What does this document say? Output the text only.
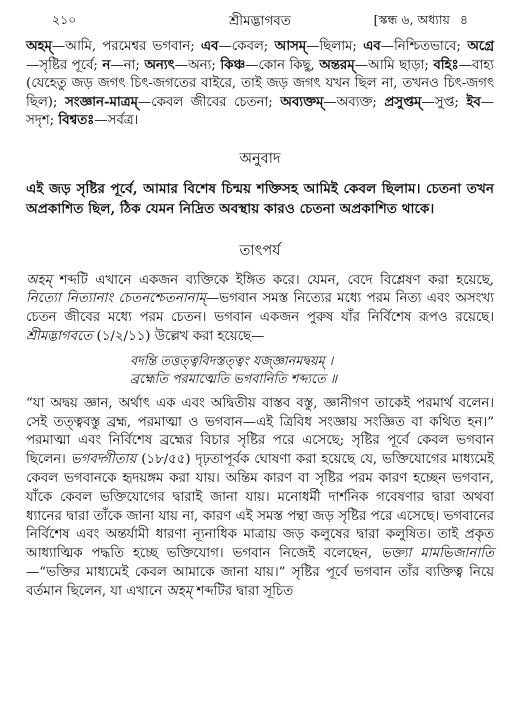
২১০	শ্রীমদ্ভাগবত	[স্কন্ধ ৬, অধ্যায় ৪
অহম্—আমি, পরমেশ্বর ভগবান; এব—কেবল; আসম্—ছিলাম; এব—নিশ্চিতভাবে; অগ্রে—সৃষ্টির পূর্বে; ন—না; অন্যৎ—অন্য; কিঞ্চ—কোন কিছু, অন্তরম্—আমি ছাড়া; বহিঃ—বাহ্য (যেহেতু জড় জগৎ চিৎ-জগতের বাইরে, তাই জড় জগৎ যখন ছিল না, তখনও চিৎ-জগৎ ছিল); সংজ্ঞান-মাত্রম্—কেবল জীবের চেতনা; অব্যক্তম্—অব্যক্ত; প্রসুপ্তম্—সুপ্ত; ইব—সদৃশ; বিশ্বতঃ—সর্বত্র।
অনুবাদ
এই জড় সৃষ্টির পূর্বে, আমার বিশেষ চিন্ময় শক্তিসহ আমিই কেবল ছিলাম। চেতনা তখন অপ্রকাশিত ছিল, ঠিক যেমন নিদ্রিত অবস্থায় কারও চেতনা অপ্রকাশিত থাকে।
তাৎপর্য

অহম্ শব্দটি এখানে একজন ব্যক্তিকে ইঙ্গিত করে। যেমন, বেদে বিশ্লেষণ করা হয়েছে, নিত্যো নিত্যানাং চেতনশ্চেতনানাম্—ভগবান সমস্ত নিত্যের মধ্যে পরম নিত্য এবং অসংখ্য চেতন জীবের মধ্যে পরম চেতন। ভগবান একজন পুরুষ যাঁর নির্বিশেষ রূপও রয়েছে। শ্রীমদ্ভাগবতে (১/২/১১) উল্লেখ করা হয়েছে—

বদন্তি তত্তত্ত্ববিদস্তত্ত্বং যজ্জ্ঞানমদ্বয়ম্ ।
ব্রহ্মেতি পরমাত্মেতি ভগবানিতি শব্দ্যতে ॥

“যা অদ্বয় জ্ঞান, অর্থাৎ এক এবং অদ্বিতীয় বাস্তব বস্তু, জ্ঞানীগণ তাকেই পরমার্থ বলেন। সেই তত্ত্ববস্তু ব্রহ্ম, পরমাত্মা ও ভগবান—এই ত্রিবিধ সংজ্ঞায় সংজ্ঞিত বা কথিত হন।” পরমাত্মা এবং নির্বিশেষ ব্রহ্মের বিচার সৃষ্টির পরে এসেছে; সৃষ্টির পূর্বে কেবল ভগবান ছিলেন। ভগবদ্গীতায় (১৮/৫৫) দৃঢ়তাপূর্বক ঘোষণা করা হয়েছে যে, ভক্তিযোগের মাধ্যমেই কেবল ভগবানকে হৃদয়ঙ্গম করা যায়। অন্তিম কারণ বা সৃষ্টির পরম কারণ হচ্ছেন ভগবান, যাঁকে কেবল ভক্তিযোগের দ্বারাই জানা যায়। মনোধর্মী দার্শনিক গবেষণার দ্বারা অথবা ধ্যানের দ্বারা তাঁকে জানা যায় না, কারণ এই সমস্ত পন্থা জড় সৃষ্টির পরে এসেছে। ভগবানের নির্বিশেষ এবং অন্তর্যামী ধারণা ন্যূনাধিক মাত্রায় জড় কলুষের দ্বারা কলুষিত। তাই প্রকৃত আধ্যাত্মিক পদ্ধতি হচ্ছে ভক্তিযোগ। ভগবান নিজেই বলেছেন, ভক্ত্যা মামভিজানাতি—“ভক্তির মাধ্যমেই কেবল আমাকে জানা যায়।” সৃষ্টির পূর্বে ভগবান তাঁর ব্যক্তিত্ব নিয়ে বর্তমান ছিলেন, যা এখানে অহম্ শব্দটির দ্বারা সূচিত
